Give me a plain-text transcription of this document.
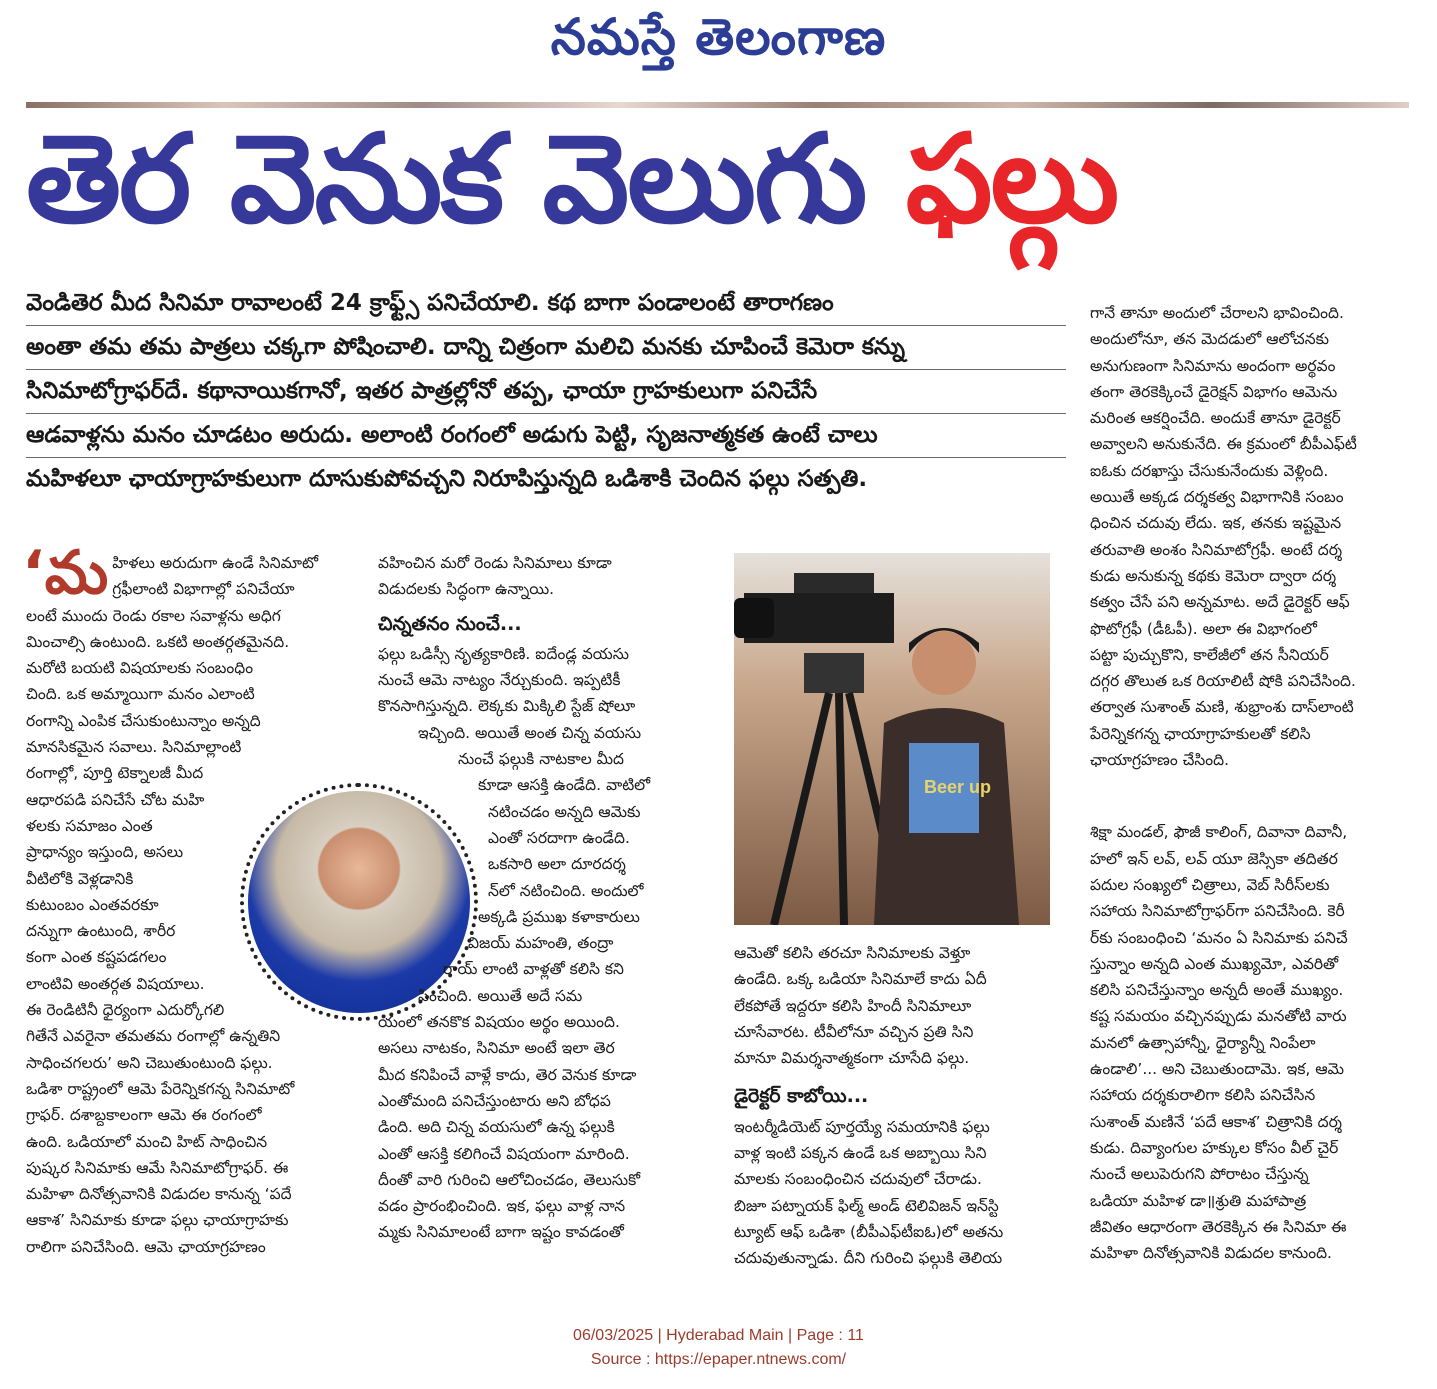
నమస్తే తెలంగాణ
తెర వెనుక వెలుగు ఫల్గు
వెండితెర మీద సినిమా రావాలంటే 24 క్రాఫ్ట్స్ పనిచేయాలి. కథ బాగా పండాలంటే తారాగణం
అంతా తమ తమ పాత్రలు చక్కగా పోషించాలి. దాన్ని చిత్రంగా మలిచి మనకు చూపించే కెమెరా కన్ను
సినిమాటోగ్రాఫర్‌దే. కథానాయికగానో, ఇతర పాత్రల్లోనో తప్ప, ఛాయా గ్రాహకులుగా పనిచేసే
ఆడవాళ్లను మనం చూడటం అరుదు. అలాంటి రంగంలో అడుగు పెట్టి, సృజనాత్మకత ఉంటే చాలు
మహిళలూ ఛాయాగ్రాహకులుగా దూసుకుపోవచ్చని నిరూపిస్తున్నది ఒడిశాకి చెందిన ఫల్గు సత్పతి.

‘మహిళలు అరుదుగా ఉండే సినిమాటో

గ్రఫీలాంటి విభాగాల్లో పనిచేయా

లంటే ముందు రెండు రకాల సవాళ్లను అధిగ

మించాల్సి ఉంటుంది. ఒకటి అంతర్గతమైనది.

మరోటి బయటి విషయాలకు సంబంధిం

చింది. ఒక అమ్మాయిగా మనం ఎలాంటి

రంగాన్ని ఎంపిక చేసుకుంటున్నాం అన్నది

మానసికమైన సవాలు. సినిమాల్లాంటి

రంగాల్లో, పూర్తి టెక్నాలజీ మీద

ఆధారపడి పనిచేసే చోట మహి

ళలకు సమాజం ఎంత

ప్రాధాన్యం ఇస్తుంది, అసలు

వీటిలోకి వెళ్లడానికి

కుటుంబం ఎంతవరకూ

దన్నుగా ఉంటుంది, శారీర

కంగా ఎంత కష్టపడగలం

లాంటివి అంతర్గత విషయాలు.

ఈ రెండిటినీ ధైర్యంగా ఎదుర్కోగలి

గితేనే ఎవరైనా తమతమ రంగాల్లో ఉన్నతిని

సాధించగలరు’ అని చెబుతుంటుంది ఫల్గు.

ఒడిశా రాష్ట్రంలో ఆమె పేరెన్నికగన్న సినిమాటో

గ్రాఫర్. దశాబ్దకాలంగా ఆమె ఈ రంగంలో

ఉంది. ఒడియాలో మంచి హిట్ సాధించిన

పుష్కర సినిమాకు ఆమే సినిమాటోగ్రాఫర్. ఈ

మహిళా దినోత్సవానికి విడుదల కానున్న ‘పదే

ఆకాశ’ సినిమాకు కూడా ఫల్గు ఛాయాగ్రాహకు

రాలిగా పనిచేసింది. ఆమె ఛాయాగ్రహణం

వహించిన మరో రెండు సినిమాలు కూడా

విడుదలకు సిద్ధంగా ఉన్నాయి.

చిన్నతనం నుంచే...

ఫల్గు ఒడిస్సీ నృత్యకారిణి. ఐదేండ్ల వయసు

నుంచే ఆమె నాట్యం నేర్చుకుంది. ఇప్పటికీ

కొనసాగిస్తున్నది. లెక్కకు మిక్కిలి స్టేజ్ షోలూ

ఇచ్చింది. అయితే అంత చిన్న వయసు

నుంచే ఫల్గుకి నాటకాల మీద

కూడా ఆసక్తి ఉండేది. వాటిలో

నటించడం అన్నది ఆమెకు

ఎంతో సరదాగా ఉండేది.

ఒకసారి అలా దూరదర్శ

న్‌లో నటించింది. అందులో

అక్కడి ప్రముఖ కళాకారులు

విజయ్ మహంతి, తంద్రా

రాయ్ లాంటి వాళ్లతో కలిసి కని

పించింది. అయితే అదే సమ

యంలో తనకొక విషయం అర్థం అయింది.

అసలు నాటకం, సినిమా అంటే ఇలా తెర

మీద కనిపించే వాళ్లే కాదు, తెర వెనుక కూడా

ఎంతోమంది పనిచేస్తుంటారు అని బోధప

డింది. అది చిన్న వయసులో ఉన్న ఫల్గుకి

ఎంతో ఆసక్తి కలిగించే విషయంగా మారింది.

దీంతో వారి గురించి ఆలోచించడం, తెలుసుకో

వడం ప్రారంభించింది. ఇక, ఫల్గు వాళ్ల నాన

మ్మకు సినిమాలంటే బాగా ఇష్టం కావడంతో

Beer up

ఆమెతో కలిసి తరచూ సినిమాలకు వెళ్తూ

ఉండేది. ఒక్క ఒడియా సినిమాలే కాదు ఏదీ

లేకపోతే ఇద్దరూ కలిసి హిందీ సినిమాలూ

చూసేవారట. టీవీలోనూ వచ్చిన ప్రతి సిని

మానూ విమర్శనాత్మకంగా చూసేది ఫల్గు.

డైరెక్టర్ కాబోయి...

ఇంటర్మీడియెట్ పూర్తయ్యే సమయానికి ఫల్గు

వాళ్ల ఇంటి పక్కన ఉండే ఒక అబ్బాయి సిని

మాలకు సంబంధించిన చదువులో చేరాడు.

బిజూ పట్నాయక్ ఫిల్మ్ అండ్ టెలివిజన్ ఇన్‌స్టి

ట్యూట్ ఆఫ్ ఒడిశా (బీపీఎఫ్‌టీఐఓ)లో అతను

చదువుతున్నాడు. దీని గురించి ఫల్గుకి తెలియ

గానే తానూ అందులో చేరాలని భావించింది.

అందులోనూ, తన మెదడులో ఆలోచనకు

అనుగుణంగా సినిమాను అందంగా అర్థవం

తంగా తెరకెక్కించే డైరెక్షన్ విభాగం ఆమెను

మరింత ఆకర్షించేది. అందుకే తానూ డైరెక్టర్

అవ్వాలని అనుకునేది. ఈ క్రమంలో బీపీఎఫ్‌టీ

ఐఓకు దరఖాస్తు చేసుకునేందుకు వెళ్లింది.

అయితే అక్కడ దర్శకత్వ విభాగానికి సంబం

ధించిన చదువు లేదు. ఇక, తనకు ఇష్టమైన

తరువాతి అంశం సినిమాటోగ్రఫీ. అంటే దర్శ

కుడు అనుకున్న కథకు కెమెరా ద్వారా దర్శ

కత్వం చేసే పని అన్నమాట. అదే డైరెక్టర్ ఆఫ్

ఫొటోగ్రఫీ (డీఓపీ). అలా ఈ విభాగంలో

పట్టా పుచ్చుకొని, కాలేజీలో తన సీనియర్

దగ్గర తొలుత ఒక రియాలిటీ షోకి పనిచేసింది.

తర్వాత సుశాంత్ మణి, శుభ్రాంశు దాస్‌లాంటి

పేరెన్నికగన్న ఛాయాగ్రాహకులతో కలిసి

ఛాయాగ్రహణం చేసింది.

శిక్షా మండల్, ఫౌజీ కాలింగ్, దివానా దివానీ,

హలో ఇన్ లవ్, లవ్ యూ జెస్సికా తదితర

పదుల సంఖ్యలో చిత్రాలు, వెబ్ సిరీస్‌లకు

సహాయ సినిమాటోగ్రాఫర్‌గా పనిచేసింది. కెరీ

ర్‌కు సంబంధించి ‘మనం ఏ సినిమాకు పనిచే

స్తున్నాం అన్నది ఎంత ముఖ్యమో, ఎవరితో

కలిసి పనిచేస్తున్నాం అన్నదీ అంతే ముఖ్యం.

కష్ట సమయం వచ్చినప్పుడు మనతోటి వారు

మనలో ఉత్సాహాన్నీ, ధైర్యాన్నీ నింపేలా

ఉండాలి’... అని చెబుతుందామె. ఇక, ఆమె

సహాయ దర్శకురాలిగా కలిసి పనిచేసిన

సుశాంత్ మణినే ‘పదే ఆకాశ’ చిత్రానికి దర్శ

కుడు. దివ్యాంగుల హక్కుల కోసం వీల్ చైర్

నుంచే అలుపెరుగని పోరాటం చేస్తున్న

ఒడియా మహిళ డా॥శ్రుతి మహాపాత్ర

జీవితం ఆధారంగా తెరకెక్కిన ఈ సినిమా ఈ

మహిళా దినోత్సవానికి విడుదల కానుంది.

06/03/2025 | Hyderabad Main | Page : 11
Source : https://epaper.ntnews.com/
